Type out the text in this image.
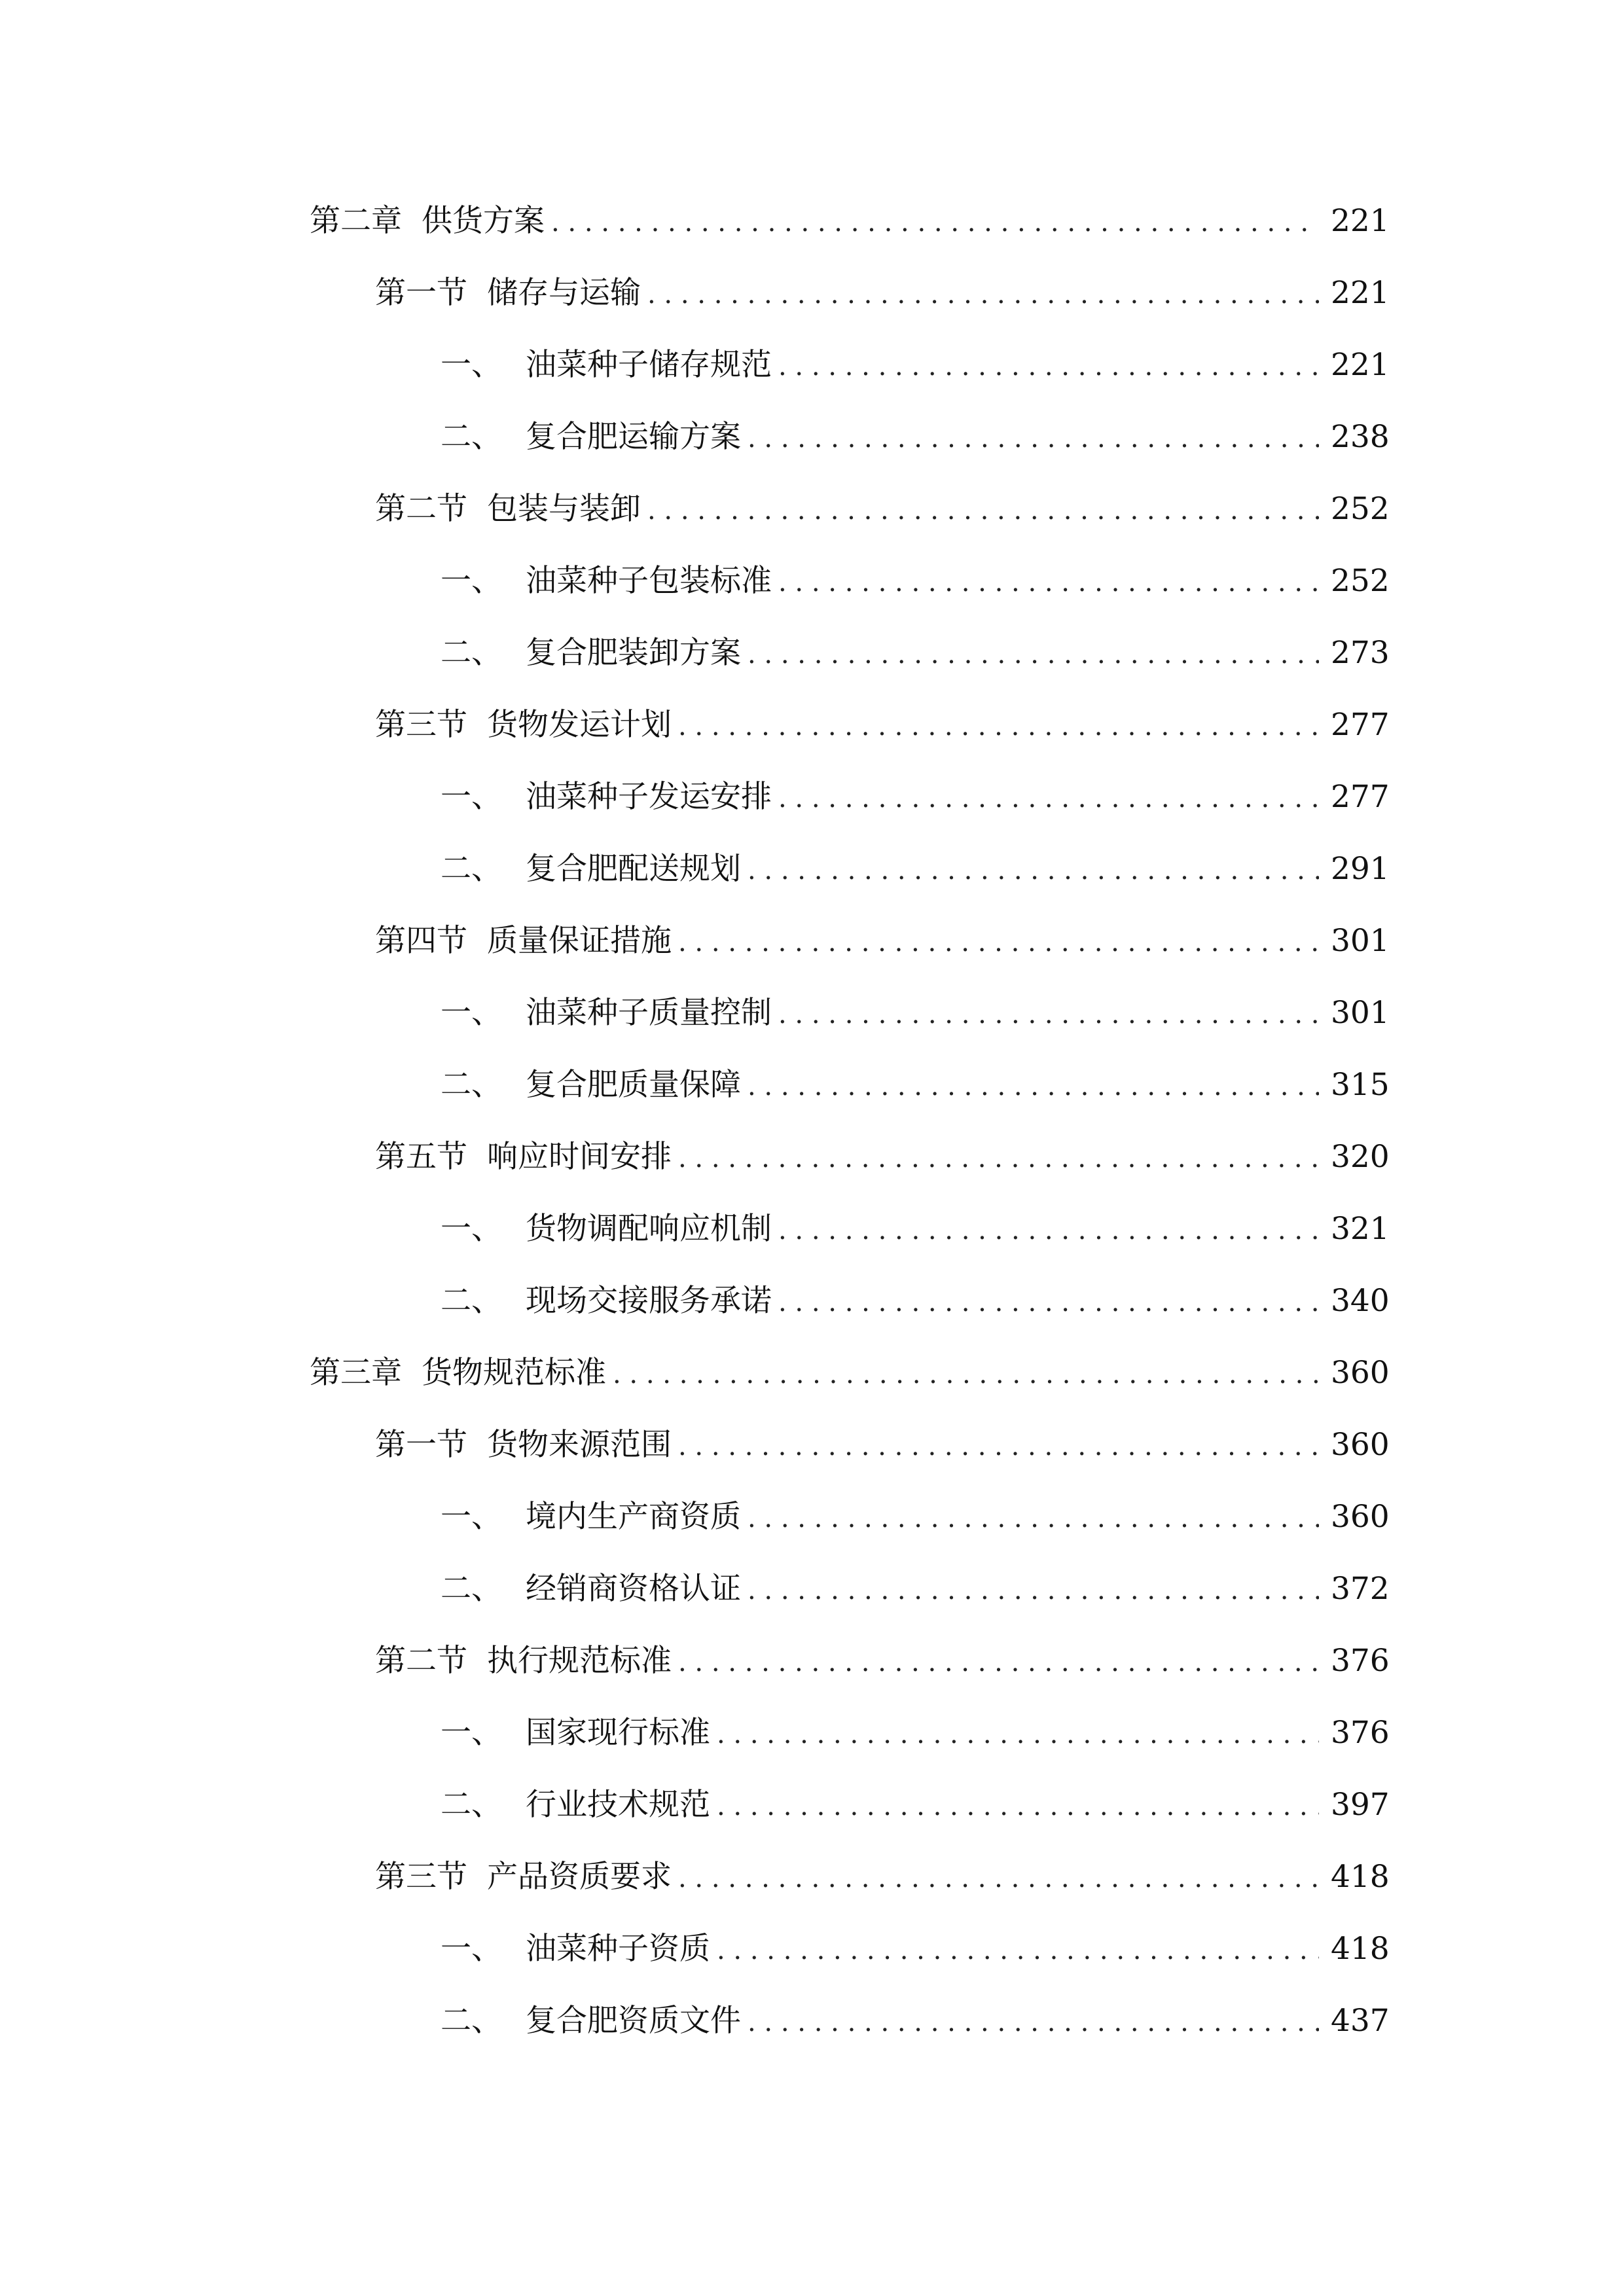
第二章 供货方案 . . .	221
第一节 储存与运输 . . .	221
一、 油菜种子储存规范 . . .	221
二、 复合肥运输方案 . . .	238
第二节 包装与装卸 . . .	252
一、 油菜种子包装标准 . . .	252
二、 复合肥装卸方案 . . .	273
第三节 货物发运计划 . . .	277
一、 油菜种子发运安排 . . .	277
二、 复合肥配送规划 . . .	291
第四节 质量保证措施 . . .	301
一、 油菜种子质量控制 . . .	301
二、 复合肥质量保障 . . .	315
第五节 响应时间安排 . . .	320
一、 货物调配响应机制 . . .	321
二、 现场交接服务承诺 . . .	340
第三章 货物规范标准 . . .	360
第一节 货物来源范围 . . .	360
一、 境内生产商资质 . . .	360
二、 经销商资格认证 . . .	372
第二节 执行规范标准 . . .	376
一、 国家现行标准 . . .	376
二、 行业技术规范 . . .	397
第三节 产品资质要求 . . .	418
一、 油菜种子资质 . . .	418
二、 复合肥资质文件 . . .	437
